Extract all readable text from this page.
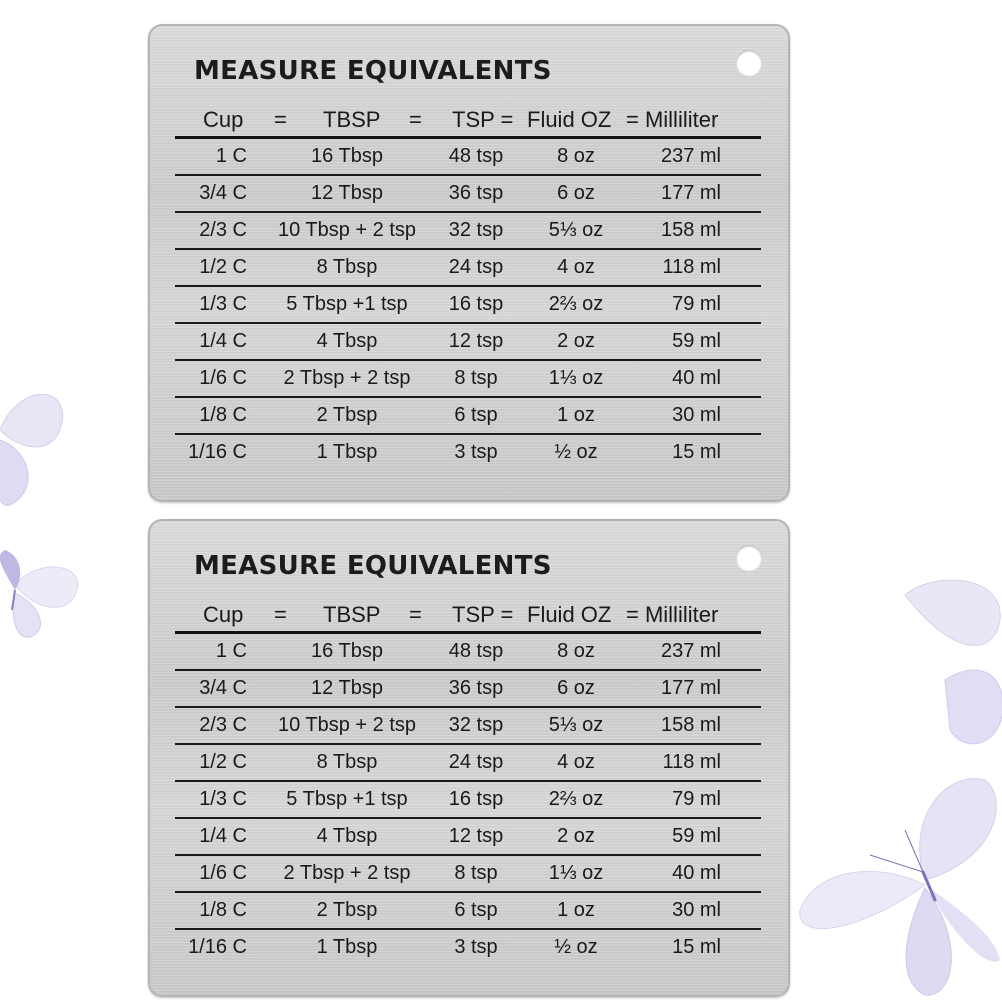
MEASURE EQUIVALENTS
Cup = TBSP = TSP = Fluid OZ = Milliliter
1 C	16 Tbsp	48 tsp	8 oz	237 ml
3/4 C	12 Tbsp	36 tsp	6 oz	177 ml
2/3 C	10 Tbsp + 2 tsp	32 tsp	5⅓ oz	158 ml
1/2 C	8 Tbsp	24 tsp	4 oz	118 ml
1/3 C	5 Tbsp +1 tsp	16 tsp	2⅔ oz	79 ml
1/4 C	4 Tbsp	12 tsp	2 oz	59 ml
1/6 C	2 Tbsp + 2 tsp	8 tsp	1⅓ oz	40 ml
1/8 C	2 Tbsp	6 tsp	1 oz	30 ml
1/16 C	1 Tbsp	3 tsp	½ oz	15 ml
MEASURE EQUIVALENTS
Cup = TBSP = TSP = Fluid OZ = Milliliter
1 C	16 Tbsp	48 tsp	8 oz	237 ml
3/4 C	12 Tbsp	36 tsp	6 oz	177 ml
2/3 C	10 Tbsp + 2 tsp	32 tsp	5⅓ oz	158 ml
1/2 C	8 Tbsp	24 tsp	4 oz	118 ml
1/3 C	5 Tbsp +1 tsp	16 tsp	2⅔ oz	79 ml
1/4 C	4 Tbsp	12 tsp	2 oz	59 ml
1/6 C	2 Tbsp + 2 tsp	8 tsp	1⅓ oz	40 ml
1/8 C	2 Tbsp	6 tsp	1 oz	30 ml
1/16 C	1 Tbsp	3 tsp	½ oz	15 ml
